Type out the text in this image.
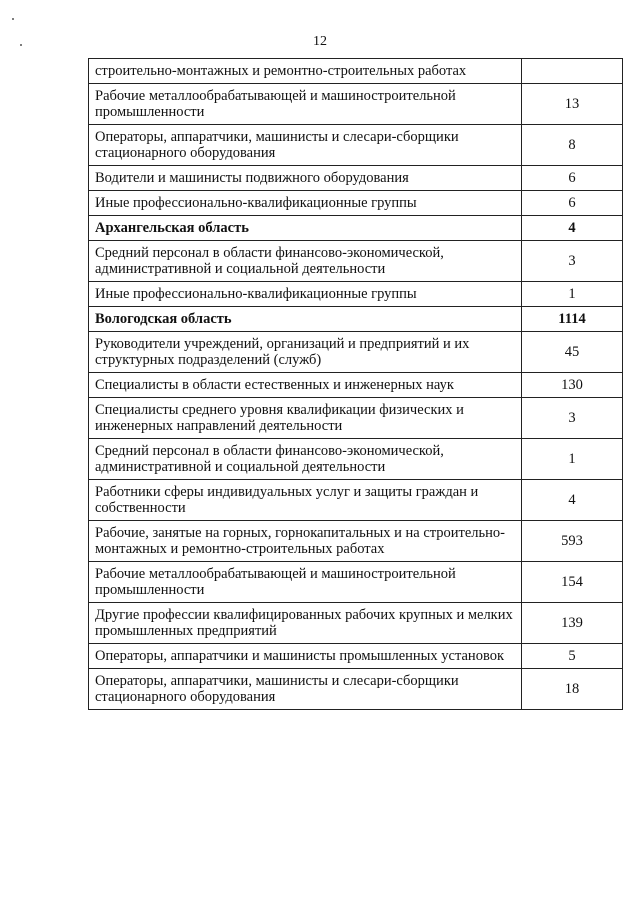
12
строительно-монтажных и ремонтно-строительных работах	
Рабочие металлообрабатывающей и машиностроительной промышленности	13
Операторы, аппаратчики, машинисты и слесари-сборщики стационарного оборудования	8
Водители и машинисты подвижного оборудования	6
Иные профессионально-квалификационные группы	6
Архангельская область	4
Средний персонал в области финансово-экономической, административной и социальной деятельности	3
Иные профессионально-квалификационные группы	1
Вологодская область	1114
Руководители учреждений, организаций и предприятий и их структурных подразделений (служб)	45
Специалисты в области естественных и инженерных наук	130
Специалисты среднего уровня квалификации физических и инженерных направлений деятельности	3
Средний персонал в области финансово-экономической, административной и социальной деятельности	1
Работники сферы индивидуальных услуг и защиты граждан и собственности	4
Рабочие, занятые на горных, горнокапитальных и на строительно-монтажных и ремонтно-строительных работах	593
Рабочие металлообрабатывающей и машиностроительной промышленности	154
Другие профессии квалифицированных рабочих крупных и мелких промышленных предприятий	139
Операторы, аппаратчики и машинисты промышленных установок	5
Операторы, аппаратчики, машинисты и слесари-сборщики стационарного оборудования	18
